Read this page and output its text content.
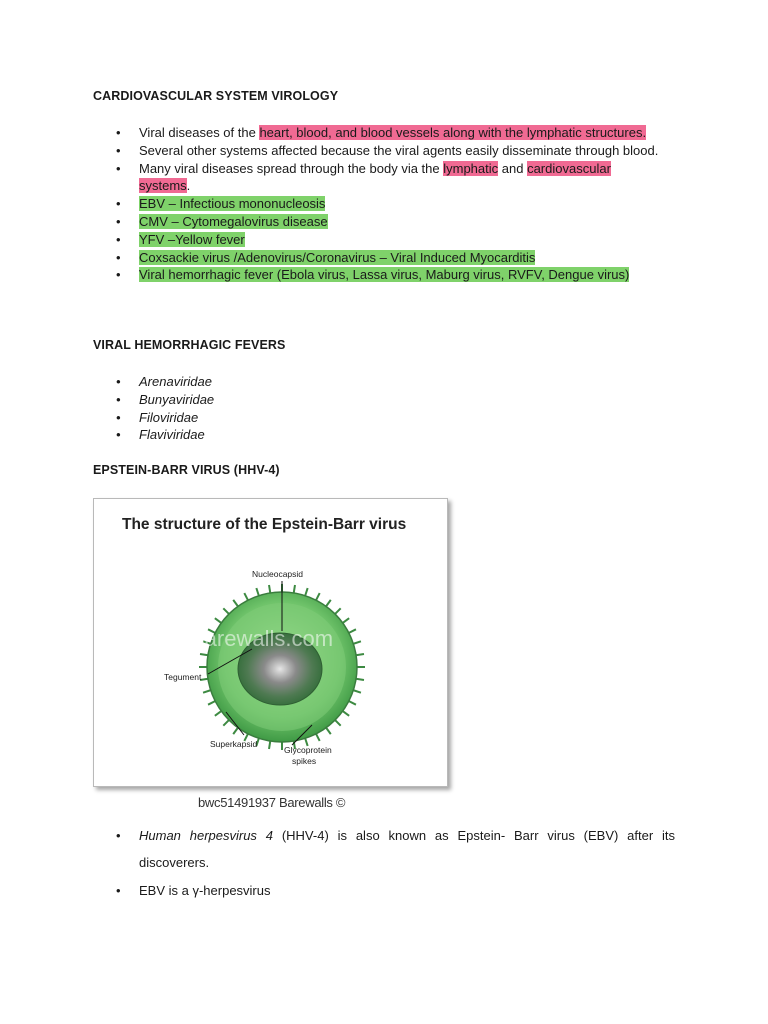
CARDIOVASCULAR SYSTEM VIROLOGY
• Viral diseases of the heart, blood, and blood vessels along with the lymphatic structures.
• Several other systems affected because the viral agents easily disseminate through blood.
• Many viral diseases spread through the body via the lymphatic and cardiovascular systems.
• EBV – Infectious mononucleosis
• CMV – Cytomegalovirus disease
• YFV –Yellow fever
• Coxsackie virus /Adenovirus/Coronavirus – Viral Induced Myocarditis
• Viral hemorrhagic fever (Ebola virus, Lassa virus, Maburg virus, RVFV, Dengue virus)
VIRAL HEMORRHAGIC FEVERS
• Arenaviridae
• Bunyaviridae
• Filoviridae
• Flaviviridae
EPSTEIN-BARR VIRUS (HHV-4)
The structure of the Epstein-Barr virus
Barewalls.com
Nucleocapsid
Tegument
Superkapsid
Glycoprotein
spikes
bwc51491937 Barewalls ©
• Human herpesvirus 4 (HHV-4) is also known as Epstein- Barr virus (EBV) after its discoverers.
• EBV is a γ-herpesvirus
